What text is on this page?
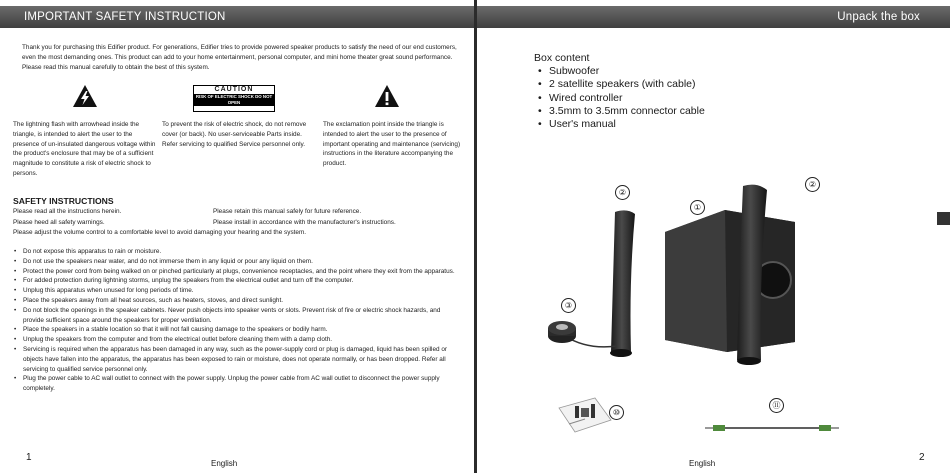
IMPORTANT SAFETY INSTRUCTION
Thank you for purchasing this Edifier product. For generations, Edifier tries to provide powered speaker products to satisfy the need of our end customers, even the most demanding ones. This product can add to your home entertainment, personal computer, and mini home theater great sound performance. Please read this manual carefully to obtain the best of this system.
CAUTION
RISK OF ELECTRIC SHOCK DO NOT OPEN
The lightning flash with arrowhead inside the triangle, is intended to alert the user to the presence of un-insulated dangerous voltage within the product's enclosure that may be of a sufficient magnitude to constitute a risk of electric shock to persons.
To prevent the risk of electric shock, do not remove cover (or back). No user-serviceable Parts inside. Refer servicing to qualified Service personnel only.
The exclamation point inside the triangle is intended to alert the user to the presence of important operating and maintenance (servicing) instructions in the literature accompanying the product.
SAFETY INSTRUCTIONS
Please read all the instructions herein.	Please retain this manual safely for future reference.
Please heed all safety warnings.	Please install in accordance with the manufacturer's instructions.
Please adjust the volume control to a comfortable level to avoid damaging your hearing and the system.
• Do not expose this apparatus to rain or moisture.
• Do not use the speakers near water, and do not immerse them in any liquid or pour any liquid on them.
• Protect the power cord from being walked on or pinched particularly at plugs, convenience receptacles, and the point where they exit from the apparatus.
• For added protection during lightning storms, unplug the speakers from the electrical outlet and turn off the computer.
• Unplug this apparatus when unused for long periods of time.
• Place the speakers away from all heat sources, such as heaters, stoves, and direct sunlight.
• Do not block the openings in the speaker cabinets. Never push objects into speaker vents or slots. Prevent risk of fire or electric shock hazards, and provide sufficient space around the speakers for proper ventilation.
• Place the speakers in a stable location so that it will not fall causing damage to the speakers or bodily harm.
• Unplug the speakers from the computer and from the electrical outlet before cleaning them with a damp cloth.
• Servicing is required when the apparatus has been damaged in any way, such as the power-supply cord or plug is damaged, liquid has been spilled or objects have fallen into the apparatus, the apparatus has been exposed to rain or moisture, does not operate normally, or has been dropped. Refer all servicing to qualified service personnel only.
• Plug the power cable to AC wall outlet to connect with the power supply. Unplug the power cable from AC wall outlet to disconnect the power supply completely.
1
English
Unpack the box
Box content
• Subwoofer
• 2 satellite speakers (with cable)
• Wired controller
• 3.5mm to 3.5mm connector cable
• User's manual
②
①
②
③
⑩
⑪
2
English
